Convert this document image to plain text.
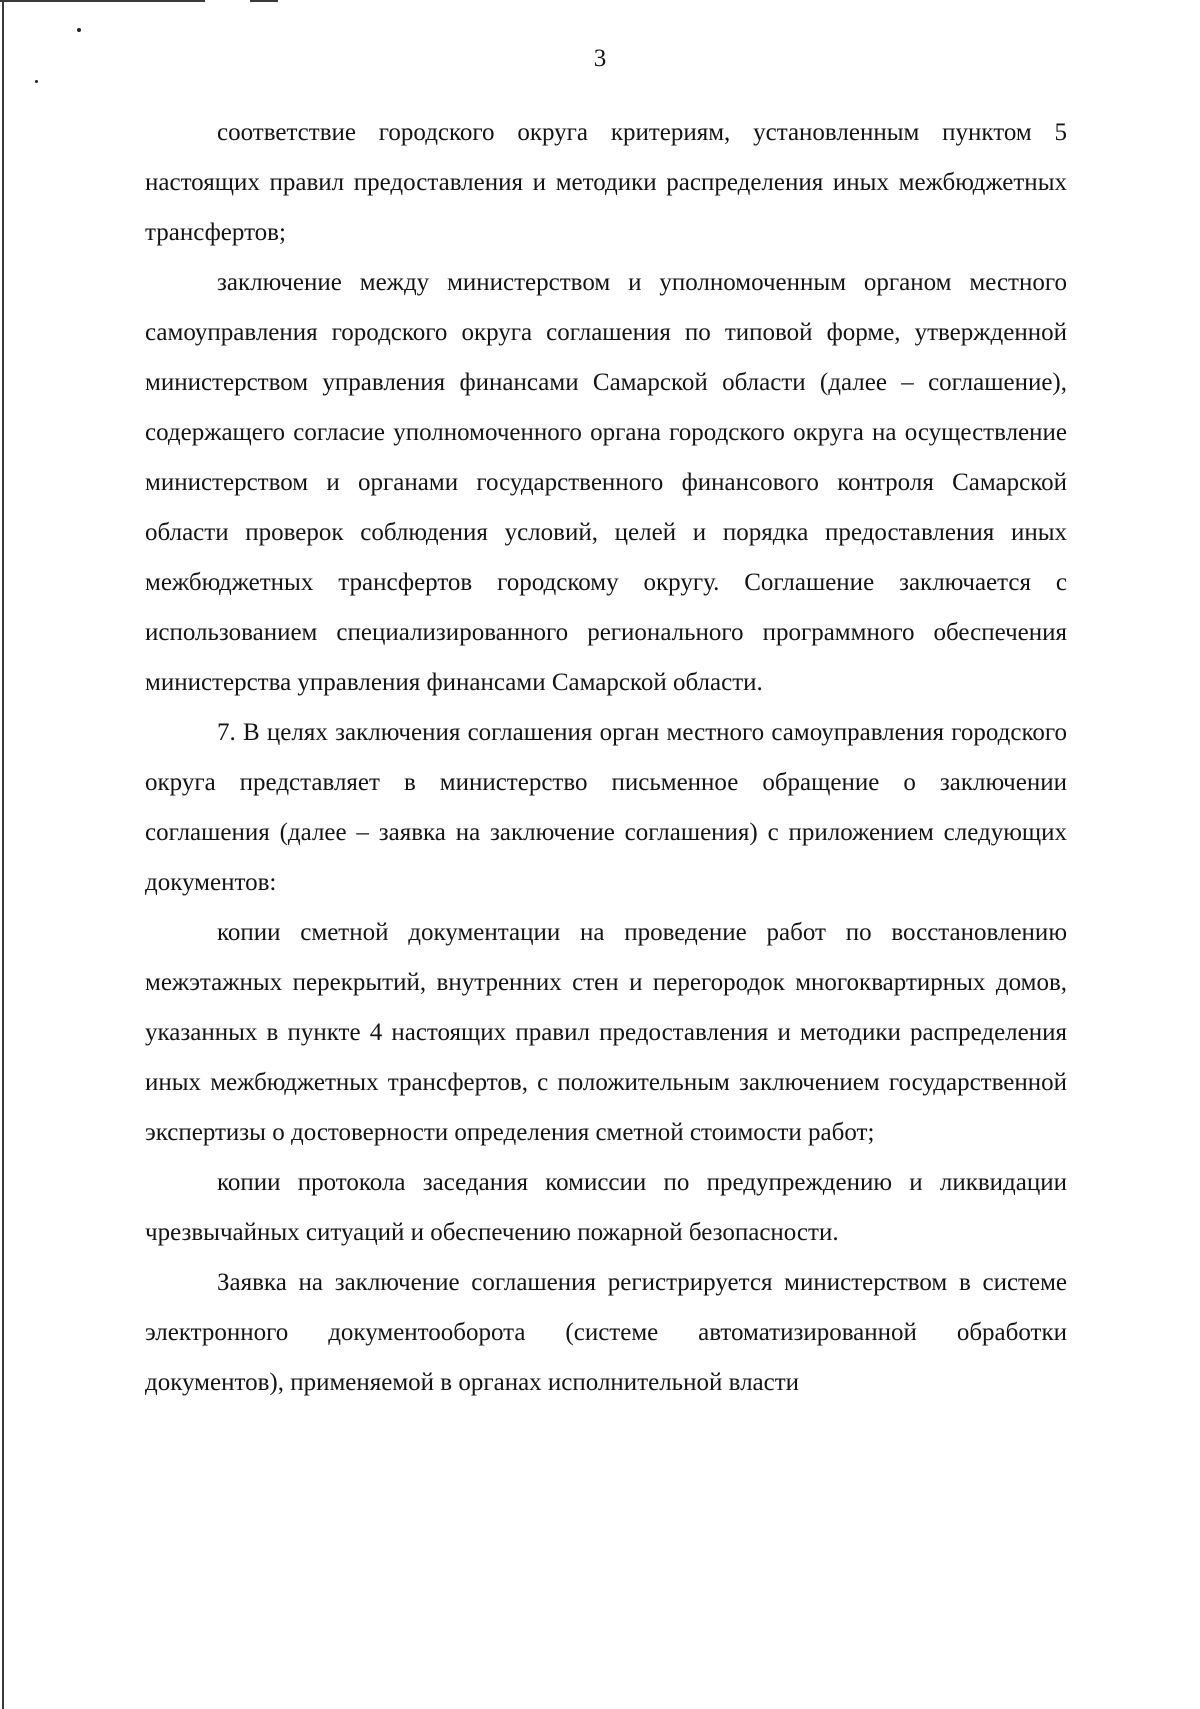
3

соответствие городского округа критериям, установленным пунктом 5 настоящих правил предоставления и методики распределения иных межбюджетных трансфертов;

заключение между министерством и уполномоченным органом местного самоуправления городского округа соглашения по типовой форме, утвержденной министерством управления финансами Самарской области (далее – соглашение), содержащего согласие уполномоченного органа городского округа на осуществление министерством и органами государственного финансового контроля Самарской области проверок соблюдения условий, целей и порядка предоставления иных межбюджетных трансфертов городскому округу. Соглашение заключается с использованием специализированного регионального программного обеспечения министерства управления финансами Самарской области.

7. В целях заключения соглашения орган местного самоуправления городского округа представляет в министерство письменное обращение о заключении соглашения (далее – заявка на заключение соглашения) с приложением следующих документов:

копии сметной документации на проведение работ по восстановлению межэтажных перекрытий, внутренних стен и перегородок многоквартирных домов, указанных в пункте 4 настоящих правил предоставления и методики распределения иных межбюджетных трансфертов, с положительным заключением государственной экспертизы о достоверности определения сметной стоимости работ;

копии протокола заседания комиссии по предупреждению и ликвидации чрезвычайных ситуаций и обеспечению пожарной безопасности.

Заявка на заключение соглашения регистрируется министерством в системе электронного документооборота (системе автоматизированной обработки документов), применяемой в органах исполнительной власти
